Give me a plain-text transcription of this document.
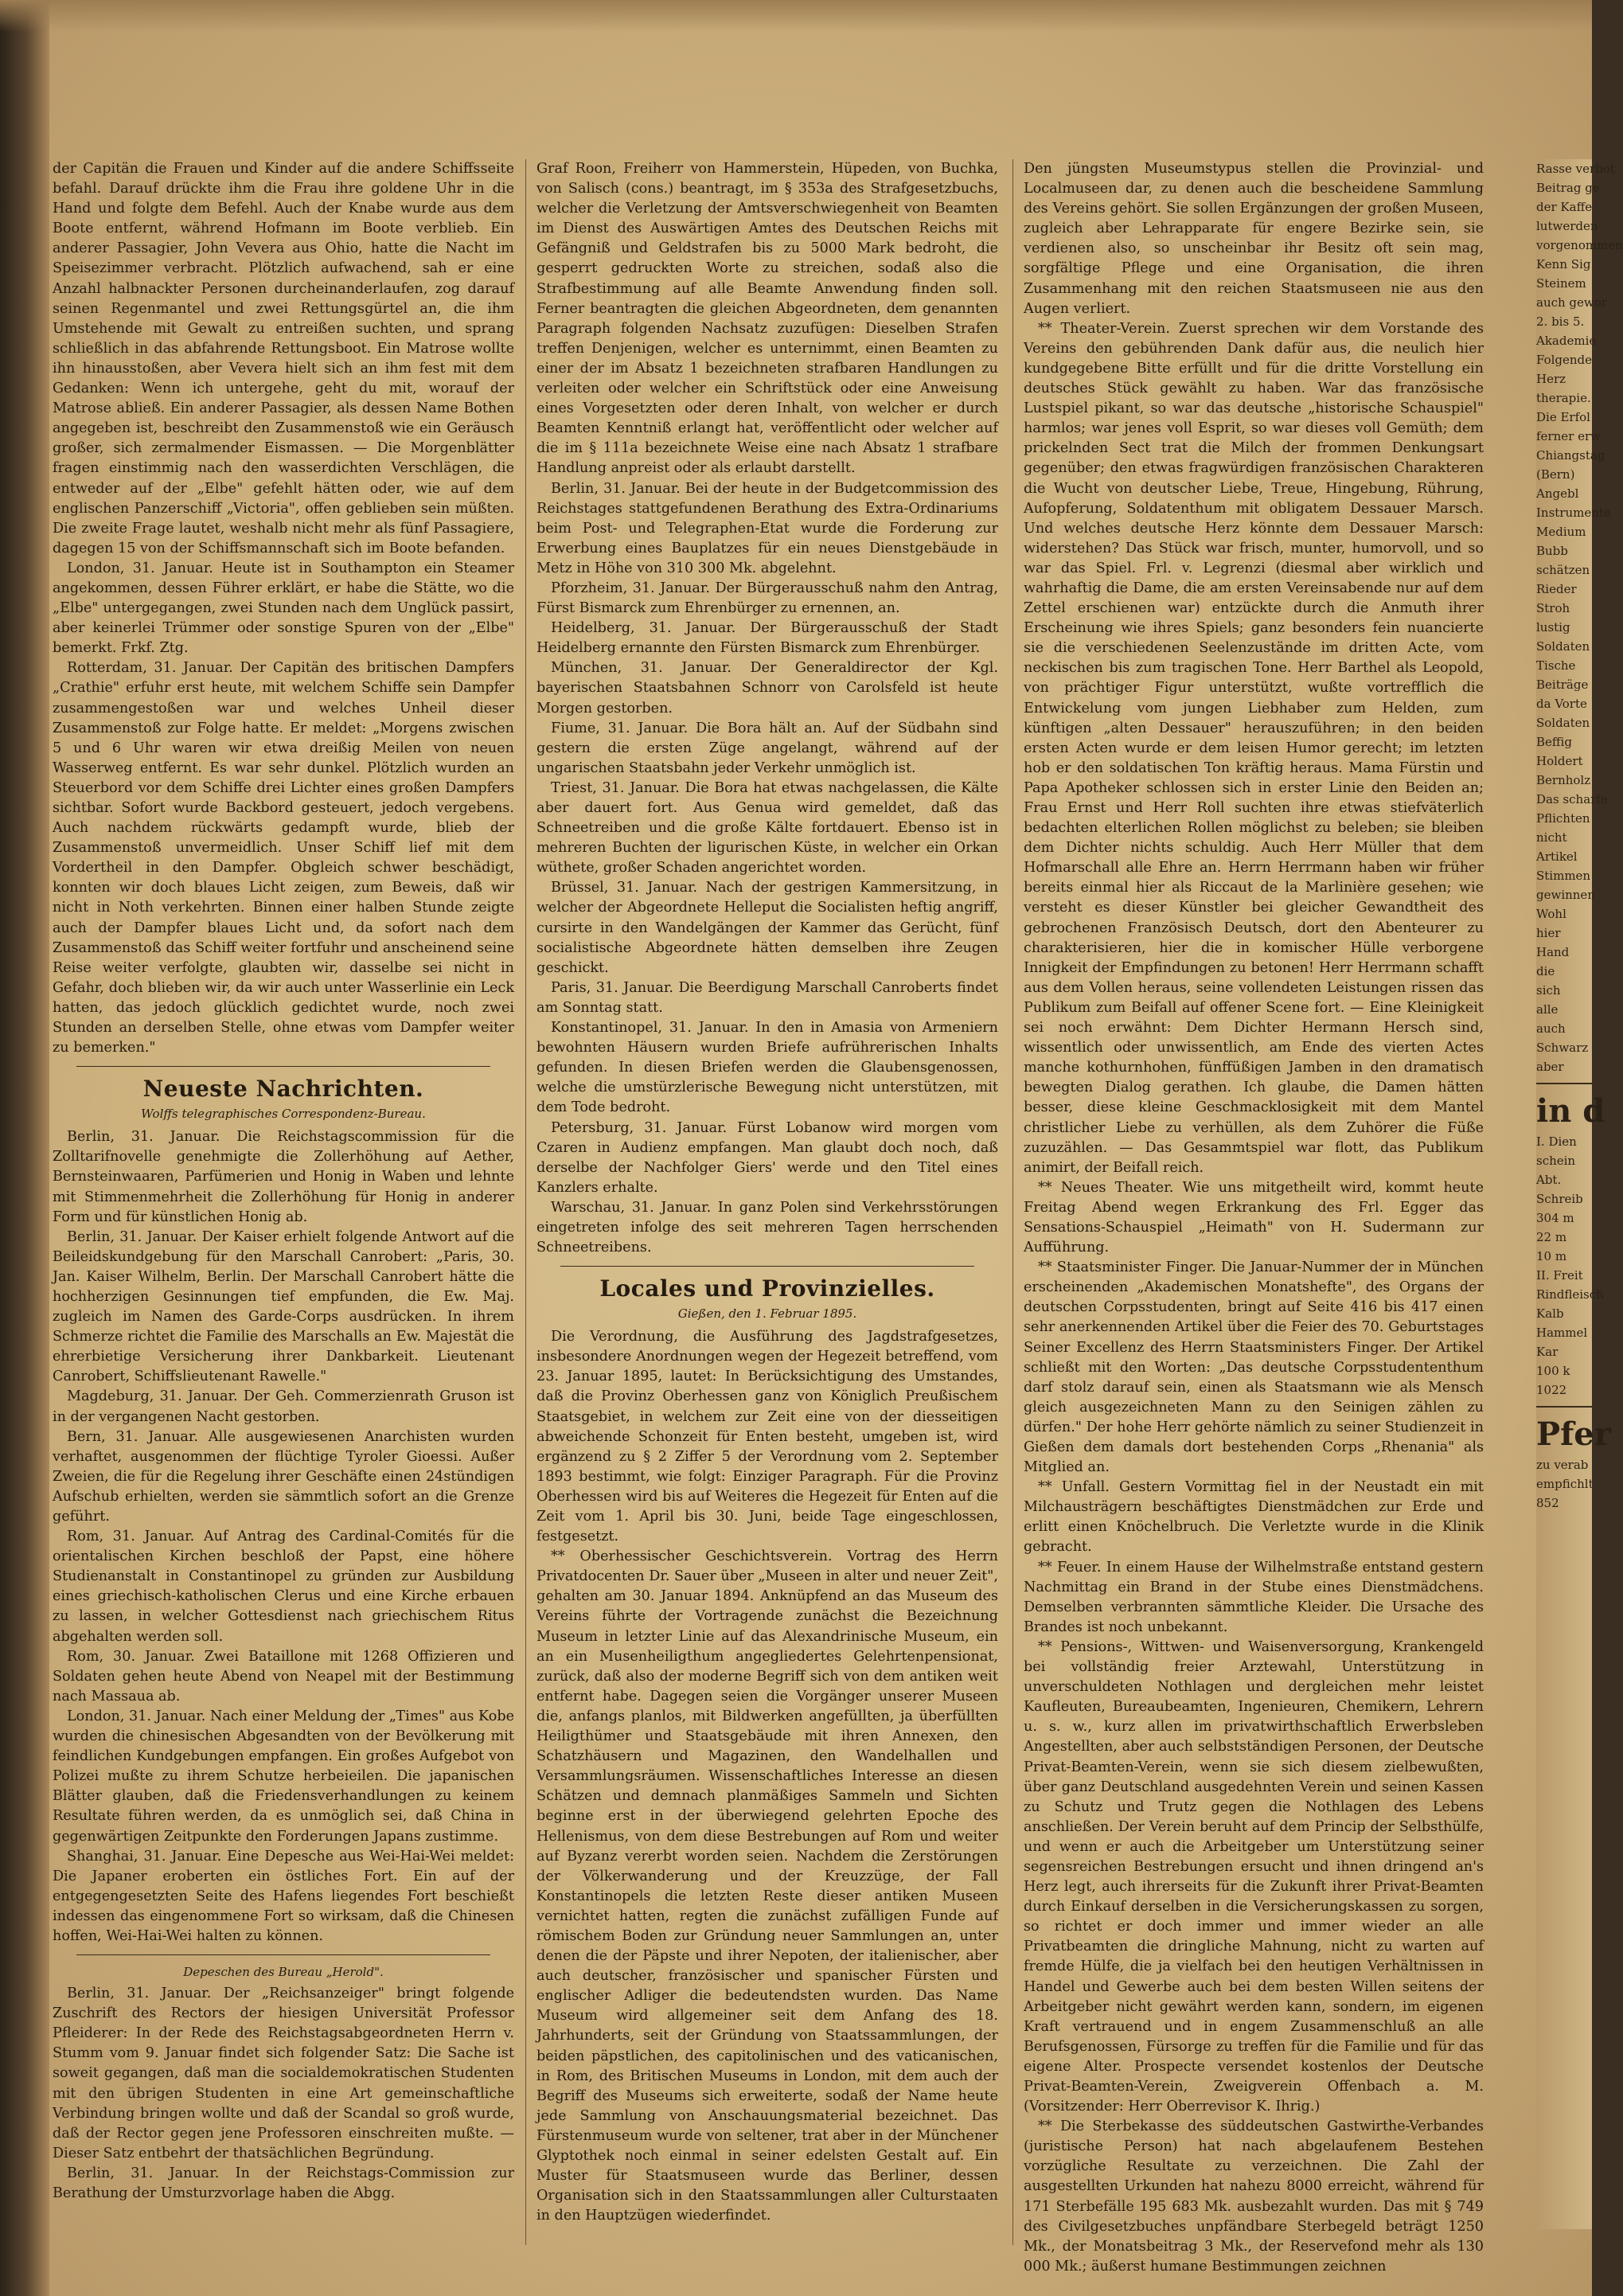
der Capitän die Frauen und Kinder auf die andere Schiffsseite befahl. Darauf drückte ihm die Frau ihre goldene Uhr in die Hand und folgte dem Befehl. Auch der Knabe wurde aus dem Boote entfernt, während Hofmann im Boote verblieb. Ein anderer Passagier, John Vevera aus Ohio, hatte die Nacht im Speisezimmer verbracht. Plötzlich aufwachend, sah er eine Anzahl halbnackter Personen durcheinanderlaufen, zog darauf seinen Regenmantel und zwei Rettungsgürtel an, die ihm Umstehende mit Gewalt zu entreißen suchten, und sprang schließlich in das abfahrende Rettungsboot. Ein Matrose wollte ihn hinausstoßen, aber Vevera hielt sich an ihm fest mit dem Gedanken: Wenn ich untergehe, geht du mit, worauf der Matrose abließ. Ein anderer Passagier, als dessen Name Bothen angegeben ist, beschreibt den Zusammenstoß wie ein Geräusch großer, sich zermalmender Eismassen. — Die Morgenblätter fragen einstimmig nach den wasserdichten Verschlägen, die entweder auf der „Elbe" gefehlt hätten oder, wie auf dem englischen Panzerschiff „Victoria", offen geblieben sein müßten. Die zweite Frage lautet, weshalb nicht mehr als fünf Passagiere, dagegen 15 von der Schiffsmannschaft sich im Boote befanden.

London, 31. Januar. Heute ist in Southampton ein Steamer angekommen, dessen Führer erklärt, er habe die Stätte, wo die „Elbe" untergegangen, zwei Stunden nach dem Unglück passirt, aber keinerlei Trümmer oder sonstige Spuren von der „Elbe" bemerkt. Frkf. Ztg.

Rotterdam, 31. Januar. Der Capitän des britischen Dampfers „Crathie" erfuhr erst heute, mit welchem Schiffe sein Dampfer zusammengestoßen war und welches Unheil dieser Zusammenstoß zur Folge hatte. Er meldet: „Morgens zwischen 5 und 6 Uhr waren wir etwa dreißig Meilen von neuen Wasserweg entfernt. Es war sehr dunkel. Plötzlich wurden an Steuerbord vor dem Schiffe drei Lichter eines großen Dampfers sichtbar. Sofort wurde Backbord gesteuert, jedoch vergebens. Auch nachdem rückwärts gedampft wurde, blieb der Zusammenstoß unvermeidlich. Unser Schiff lief mit dem Vordertheil in den Dampfer. Obgleich schwer beschädigt, konnten wir doch blaues Licht zeigen, zum Beweis, daß wir nicht in Noth verkehrten. Binnen einer halben Stunde zeigte auch der Dampfer blaues Licht und, da sofort nach dem Zusammenstoß das Schiff weiter fortfuhr und anscheinend seine Reise weiter verfolgte, glaubten wir, dasselbe sei nicht in Gefahr, doch blieben wir, da wir auch unter Wasserlinie ein Leck hatten, das jedoch glücklich gedichtet wurde, noch zwei Stunden an derselben Stelle, ohne etwas vom Dampfer weiter zu bemerken."

Neueste Nachrichten.
Wolffs telegraphisches Correspondenz-Bureau.

Berlin, 31. Januar. Die Reichstagscommission für die Zolltarifnovelle genehmigte die Zollerhöhung auf Aether, Bernsteinwaaren, Parfümerien und Honig in Waben und lehnte mit Stimmenmehrheit die Zollerhöhung für Honig in anderer Form und für künstlichen Honig ab.

Berlin, 31. Januar. Der Kaiser erhielt folgende Antwort auf die Beileidskundgebung für den Marschall Canrobert: „Paris, 30. Jan. Kaiser Wilhelm, Berlin. Der Marschall Canrobert hätte die hochherzigen Gesinnungen tief empfunden, die Ew. Maj. zugleich im Namen des Garde-Corps ausdrücken. In ihrem Schmerze richtet die Familie des Marschalls an Ew. Majestät die ehrerbietige Versicherung ihrer Dankbarkeit. Lieutenant Canrobert, Schiffslieutenant Rawelle."

Magdeburg, 31. Januar. Der Geh. Commerzienrath Gruson ist in der vergangenen Nacht gestorben.

Bern, 31. Januar. Alle ausgewiesenen Anarchisten wurden verhaftet, ausgenommen der flüchtige Tyroler Gioessi. Außer Zweien, die für die Regelung ihrer Geschäfte einen 24stündigen Aufschub erhielten, werden sie sämmtlich sofort an die Grenze geführt.

Rom, 31. Januar. Auf Antrag des Cardinal-Comités für die orientalischen Kirchen beschloß der Papst, eine höhere Studienanstalt in Constantinopel zu gründen zur Ausbildung eines griechisch-katholischen Clerus und eine Kirche erbauen zu lassen, in welcher Gottesdienst nach griechischem Ritus abgehalten werden soll.

Rom, 30. Januar. Zwei Bataillone mit 1268 Offizieren und Soldaten gehen heute Abend von Neapel mit der Bestimmung nach Massaua ab.

London, 31. Januar. Nach einer Meldung der „Times" aus Kobe wurden die chinesischen Abgesandten von der Bevölkerung mit feindlichen Kundgebungen empfangen. Ein großes Aufgebot von Polizei mußte zu ihrem Schutze herbeieilen. Die japanischen Blätter glauben, daß die Friedensverhandlungen zu keinem Resultate führen werden, da es unmöglich sei, daß China in gegenwärtigen Zeitpunkte den Forderungen Japans zustimme.

Shanghai, 31. Januar. Eine Depesche aus Wei-Hai-Wei meldet: Die Japaner eroberten ein östliches Fort. Ein auf der entgegengesetzten Seite des Hafens liegendes Fort beschießt indessen das eingenommene Fort so wirksam, daß die Chinesen hoffen, Wei-Hai-Wei halten zu können.

Depeschen des Bureau „Herold".

Berlin, 31. Januar. Der „Reichsanzeiger" bringt folgende Zuschrift des Rectors der hiesigen Universität Professor Pfleiderer: In der Rede des Reichstagsabgeordneten Herrn v. Stumm vom 9. Januar findet sich folgender Satz: Die Sache ist soweit gegangen, daß man die socialdemokratischen Studenten mit den übrigen Studenten in eine Art gemeinschaftliche Verbindung bringen wollte und daß der Scandal so groß wurde, daß der Rector gegen jene Professoren einschreiten mußte. — Dieser Satz entbehrt der thatsächlichen Begründung.

Berlin, 31. Januar. In der Reichstags-Commission zur Berathung der Umsturzvorlage haben die Abgg.

Graf Roon, Freiherr von Hammerstein, Hüpeden, von Buchka, von Salisch (cons.) beantragt, im § 353a des Strafgesetzbuchs, welcher die Verletzung der Amtsverschwiegenheit von Beamten im Dienst des Auswärtigen Amtes des Deutschen Reichs mit Gefängniß und Geldstrafen bis zu 5000 Mark bedroht, die gesperrt gedruckten Worte zu streichen, sodaß also die Strafbestimmung auf alle Beamte Anwendung finden soll. Ferner beantragten die gleichen Abgeordneten, dem genannten Paragraph folgenden Nachsatz zuzufügen: Dieselben Strafen treffen Denjenigen, welcher es unternimmt, einen Beamten zu einer der im Absatz 1 bezeichneten strafbaren Handlungen zu verleiten oder welcher ein Schriftstück oder eine Anweisung eines Vorgesetzten oder deren Inhalt, von welcher er durch Beamten Kenntniß erlangt hat, veröffentlicht oder welcher auf die im § 111a bezeichnete Weise eine nach Absatz 1 strafbare Handlung anpreist oder als erlaubt darstellt.

Berlin, 31. Januar. Bei der heute in der Budgetcommission des Reichstages stattgefundenen Berathung des Extra-Ordinariums beim Post- und Telegraphen-Etat wurde die Forderung zur Erwerbung eines Bauplatzes für ein neues Dienstgebäude in Metz in Höhe von 310 300 Mk. abgelehnt.

Pforzheim, 31. Januar. Der Bürgerausschuß nahm den Antrag, Fürst Bismarck zum Ehrenbürger zu ernennen, an.

Heidelberg, 31. Januar. Der Bürgerausschuß der Stadt Heidelberg ernannte den Fürsten Bismarck zum Ehrenbürger.

München, 31. Januar. Der Generaldirector der Kgl. bayerischen Staatsbahnen Schnorr von Carolsfeld ist heute Morgen gestorben.

Fiume, 31. Januar. Die Bora hält an. Auf der Südbahn sind gestern die ersten Züge angelangt, während auf der ungarischen Staatsbahn jeder Verkehr unmöglich ist.

Triest, 31. Januar. Die Bora hat etwas nachgelassen, die Kälte aber dauert fort. Aus Genua wird gemeldet, daß das Schneetreiben und die große Kälte fortdauert. Ebenso ist in mehreren Buchten der ligurischen Küste, in welcher ein Orkan wüthete, großer Schaden angerichtet worden.

Brüssel, 31. Januar. Nach der gestrigen Kammersitzung, in welcher der Abgeordnete Helleput die Socialisten heftig angriff, cursirte in den Wandelgängen der Kammer das Gerücht, fünf socialistische Abgeordnete hätten demselben ihre Zeugen geschickt.

Paris, 31. Januar. Die Beerdigung Marschall Canroberts findet am Sonntag statt.

Konstantinopel, 31. Januar. In den in Amasia von Armeniern bewohnten Häusern wurden Briefe aufrührerischen Inhalts gefunden. In diesen Briefen werden die Glaubensgenossen, welche die umstürzlerische Bewegung nicht unterstützen, mit dem Tode bedroht.

Petersburg, 31. Januar. Fürst Lobanow wird morgen vom Czaren in Audienz empfangen. Man glaubt doch noch, daß derselbe der Nachfolger Giers' werde und den Titel eines Kanzlers erhalte.

Warschau, 31. Januar. In ganz Polen sind Verkehrsstörungen eingetreten infolge des seit mehreren Tagen herrschenden Schneetreibens.

Locales und Provinzielles.
Gießen, den 1. Februar 1895.

Die Verordnung, die Ausführung des Jagdstrafgesetzes, insbesondere Anordnungen wegen der Hegezeit betreffend, vom 23. Januar 1895, lautet: In Berücksichtigung des Umstandes, daß die Provinz Oberhessen ganz von Königlich Preußischem Staatsgebiet, in welchem zur Zeit eine von der diesseitigen abweichende Schonzeit für Enten besteht, umgeben ist, wird ergänzend zu § 2 Ziffer 5 der Verordnung vom 2. September 1893 bestimmt, wie folgt: Einziger Paragraph. Für die Provinz Oberhessen wird bis auf Weiteres die Hegezeit für Enten auf die Zeit vom 1. April bis 30. Juni, beide Tage eingeschlossen, festgesetzt.

** Oberhessischer Geschichtsverein. Vortrag des Herrn Privatdocenten Dr. Sauer über „Museen in alter und neuer Zeit", gehalten am 30. Januar 1894. Anknüpfend an das Museum des Vereins führte der Vortragende zunächst die Bezeichnung Museum in letzter Linie auf das Alexandrinische Museum, ein an ein Musenheiligthum angegliedertes Gelehrtenpensionat, zurück, daß also der moderne Begriff sich von dem antiken weit entfernt habe. Dagegen seien die Vorgänger unserer Museen die, anfangs planlos, mit Bildwerken angefüllten, ja überfüllten Heiligthümer und Staatsgebäude mit ihren Annexen, den Schatzhäusern und Magazinen, den Wandelhallen und Versammlungsräumen. Wissenschaftliches Interesse an diesen Schätzen und demnach planmäßiges Sammeln und Sichten beginne erst in der überwiegend gelehrten Epoche des Hellenismus, von dem diese Bestrebungen auf Rom und weiter auf Byzanz vererbt worden seien. Nachdem die Zerstörungen der Völkerwanderung und der Kreuzzüge, der Fall Konstantinopels die letzten Reste dieser antiken Museen vernichtet hatten, regten die zunächst zufälligen Funde auf römischem Boden zur Gründung neuer Sammlungen an, unter denen die der Päpste und ihrer Nepoten, der italienischer, aber auch deutscher, französischer und spanischer Fürsten und englischer Adliger die bedeutendsten wurden. Das Name Museum wird allgemeiner seit dem Anfang des 18. Jahrhunderts, seit der Gründung von Staatssammlungen, der beiden päpstlichen, des capitolinischen und des vaticanischen, in Rom, des Britischen Museums in London, mit dem auch der Begriff des Museums sich erweiterte, sodaß der Name heute jede Sammlung von Anschauungsmaterial bezeichnet. Das Fürstenmuseum wurde von seltener, trat aber in der Münchener Glyptothek noch einmal in seiner edelsten Gestalt auf. Ein Muster für Staatsmuseen wurde das Berliner, dessen Organisation sich in den Staatssammlungen aller Culturstaaten in den Hauptzügen wiederfindet.

Den jüngsten Museumstypus stellen die Provinzial- und Localmuseen dar, zu denen auch die bescheidene Sammlung des Vereins gehört. Sie sollen Ergänzungen der großen Museen, zugleich aber Lehrapparate für engere Bezirke sein, sie verdienen also, so unscheinbar ihr Besitz oft sein mag, sorgfältige Pflege und eine Organisation, die ihren Zusammenhang mit den reichen Staatsmuseen nie aus den Augen verliert.

** Theater-Verein. Zuerst sprechen wir dem Vorstande des Vereins den gebührenden Dank dafür aus, die neulich hier kundgegebene Bitte erfüllt und für die dritte Vorstellung ein deutsches Stück gewählt zu haben. War das französische Lustspiel pikant, so war das deutsche „historische Schauspiel" harmlos; war jenes voll Esprit, so war dieses voll Gemüth; dem prickelnden Sect trat die Milch der frommen Denkungsart gegenüber; den etwas fragwürdigen französischen Charakteren die Wucht von deutscher Liebe, Treue, Hingebung, Rührung, Aufopferung, Soldatenthum mit obligatem Dessauer Marsch. Und welches deutsche Herz könnte dem Dessauer Marsch: widerstehen? Das Stück war frisch, munter, humorvoll, und so war das Spiel. Frl. v. Legrenzi (diesmal aber wirklich und wahrhaftig die Dame, die am ersten Vereinsabende nur auf dem Zettel erschienen war) entzückte durch die Anmuth ihrer Erscheinung wie ihres Spiels; ganz besonders fein nuancierte sie die verschiedenen Seelenzustände im dritten Acte, vom neckischen bis zum tragischen Tone. Herr Barthel als Leopold, von prächtiger Figur unterstützt, wußte vortrefflich die Entwickelung vom jungen Liebhaber zum Helden, zum künftigen „alten Dessauer" herauszuführen; in den beiden ersten Acten wurde er dem leisen Humor gerecht; im letzten hob er den soldatischen Ton kräftig heraus. Mama Fürstin und Papa Apotheker schlossen sich in erster Linie den Beiden an; Frau Ernst und Herr Roll suchten ihre etwas stiefväterlich bedachten elterlichen Rollen möglichst zu beleben; sie bleiben dem Dichter nichts schuldig. Auch Herr Müller that dem Hofmarschall alle Ehre an. Herrn Herrmann haben wir früher bereits einmal hier als Riccaut de la Marlinière gesehen; wie versteht es dieser Künstler bei gleicher Gewandtheit des gebrochenen Französisch Deutsch, dort den Abenteurer zu charakterisieren, hier die in komischer Hülle verborgene Innigkeit der Empfindungen zu betonen! Herr Herrmann schafft aus dem Vollen heraus, seine vollendeten Leistungen rissen das Publikum zum Beifall auf offener Scene fort. — Eine Kleinigkeit sei noch erwähnt: Dem Dichter Hermann Hersch sind, wissentlich oder unwissentlich, am Ende des vierten Actes manche kothurnhohen, fünffüßigen Jamben in den dramatisch bewegten Dialog gerathen. Ich glaube, die Damen hätten besser, diese kleine Geschmacklosigkeit mit dem Mantel christlicher Liebe zu verhüllen, als dem Zuhörer die Füße zuzuzählen. — Das Gesammtspiel war flott, das Publikum animirt, der Beifall reich.

** Neues Theater. Wie uns mitgetheilt wird, kommt heute Freitag Abend wegen Erkrankung des Frl. Egger das Sensations-Schauspiel „Heimath" von H. Sudermann zur Aufführung.

** Staatsminister Finger. Die Januar-Nummer der in München erscheinenden „Akademischen Monatshefte", des Organs der deutschen Corpsstudenten, bringt auf Seite 416 bis 417 einen sehr anerkennenden Artikel über die Feier des 70. Geburtstages Seiner Excellenz des Herrn Staatsministers Finger. Der Artikel schließt mit den Worten: „Das deutsche Corpsstudententhum darf stolz darauf sein, einen als Staatsmann wie als Mensch gleich ausgezeichneten Mann zu den Seinigen zählen zu dürfen." Der hohe Herr gehörte nämlich zu seiner Studienzeit in Gießen dem damals dort bestehenden Corps „Rhenania" als Mitglied an.

** Unfall. Gestern Vormittag fiel in der Neustadt ein mit Milchausträgern beschäftigtes Dienstmädchen zur Erde und erlitt einen Knöchelbruch. Die Verletzte wurde in die Klinik gebracht.

** Feuer. In einem Hause der Wilhelmstraße entstand gestern Nachmittag ein Brand in der Stube eines Dienstmädchens. Demselben verbrannten sämmtliche Kleider. Die Ursache des Brandes ist noch unbekannt.

** Pensions-, Wittwen- und Waisenversorgung, Krankengeld bei vollständig freier Arztewahl, Unterstützung in unverschuldeten Nothlagen und dergleichen mehr leistet Kaufleuten, Bureaubeamten, Ingenieuren, Chemikern, Lehrern u. s. w., kurz allen im privatwirthschaftlich Erwerbsleben Angestellten, aber auch selbstständigen Personen, der Deutsche Privat-Beamten-Verein, wenn sie sich diesem zielbewußten, über ganz Deutschland ausgedehnten Verein und seinen Kassen zu Schutz und Trutz gegen die Nothlagen des Lebens anschließen. Der Verein beruht auf dem Princip der Selbsthülfe, und wenn er auch die Arbeitgeber um Unterstützung seiner segensreichen Bestrebungen ersucht und ihnen dringend an's Herz legt, auch ihrerseits für die Zukunft ihrer Privat-Beamten durch Einkauf derselben in die Versicherungskassen zu sorgen, so richtet er doch immer und immer wieder an alle Privatbeamten die dringliche Mahnung, nicht zu warten auf fremde Hülfe, die ja vielfach bei den heutigen Verhältnissen in Handel und Gewerbe auch bei dem besten Willen seitens der Arbeitgeber nicht gewährt werden kann, sondern, im eigenen Kraft vertrauend und in engem Zusammenschluß an alle Berufsgenossen, Fürsorge zu treffen für die Familie und für das eigene Alter. Prospecte versendet kostenlos der Deutsche Privat-Beamten-Verein, Zweigverein Offenbach a. M. (Vorsitzender: Herr Oberrevisor K. Ihrig.)

** Die Sterbekasse des süddeutschen Gastwirthe-Verbandes (juristische Person) hat nach abgelaufenem Bestehen vorzügliche Resultate zu verzeichnen. Die Zahl der ausgestellten Urkunden hat nahezu 8000 erreicht, während für 171 Sterbefälle 195 683 Mk. ausbezahlt wurden. Das mit § 749 des Civilgesetzbuches unpfändbare Sterbegeld beträgt 1250 Mk., der Monatsbeitrag 3 Mk., der Reservefond mehr als 130 000 Mk.; äußerst humane Bestimmungen zeichnen

Rasse verbot
Beitrag ge
der Kaffe
lutwerden
vorgenommen
Kenn Sig
Steinem
auch gewor
2. bis 5.
Akademie
Folgende
Herz
therapie.
Die Erfol
ferner erw
Chiangstag
(Bern)
Angebl
Instrumente
Medium
Bubb
schätzen
Rieder
Stroh
lustig
Soldaten
Tische
Beiträge
da Vorte
Soldaten
Beffig
Holdert
Bernholz
Das scharfe
Pflichten
nicht
Artikel
Stimmen
gewinnen
Wohl
hier
Hand
die
sich
alle
auch
Schwarz
aber
in d
I. Dien
schein
Abt.
Schreib
304 m
22 m
10 m
II. Freit
Rindfleisch
Kalb
Hammel
Kar
100 k
1022
Pfer
zu verab
empfichlt
852
